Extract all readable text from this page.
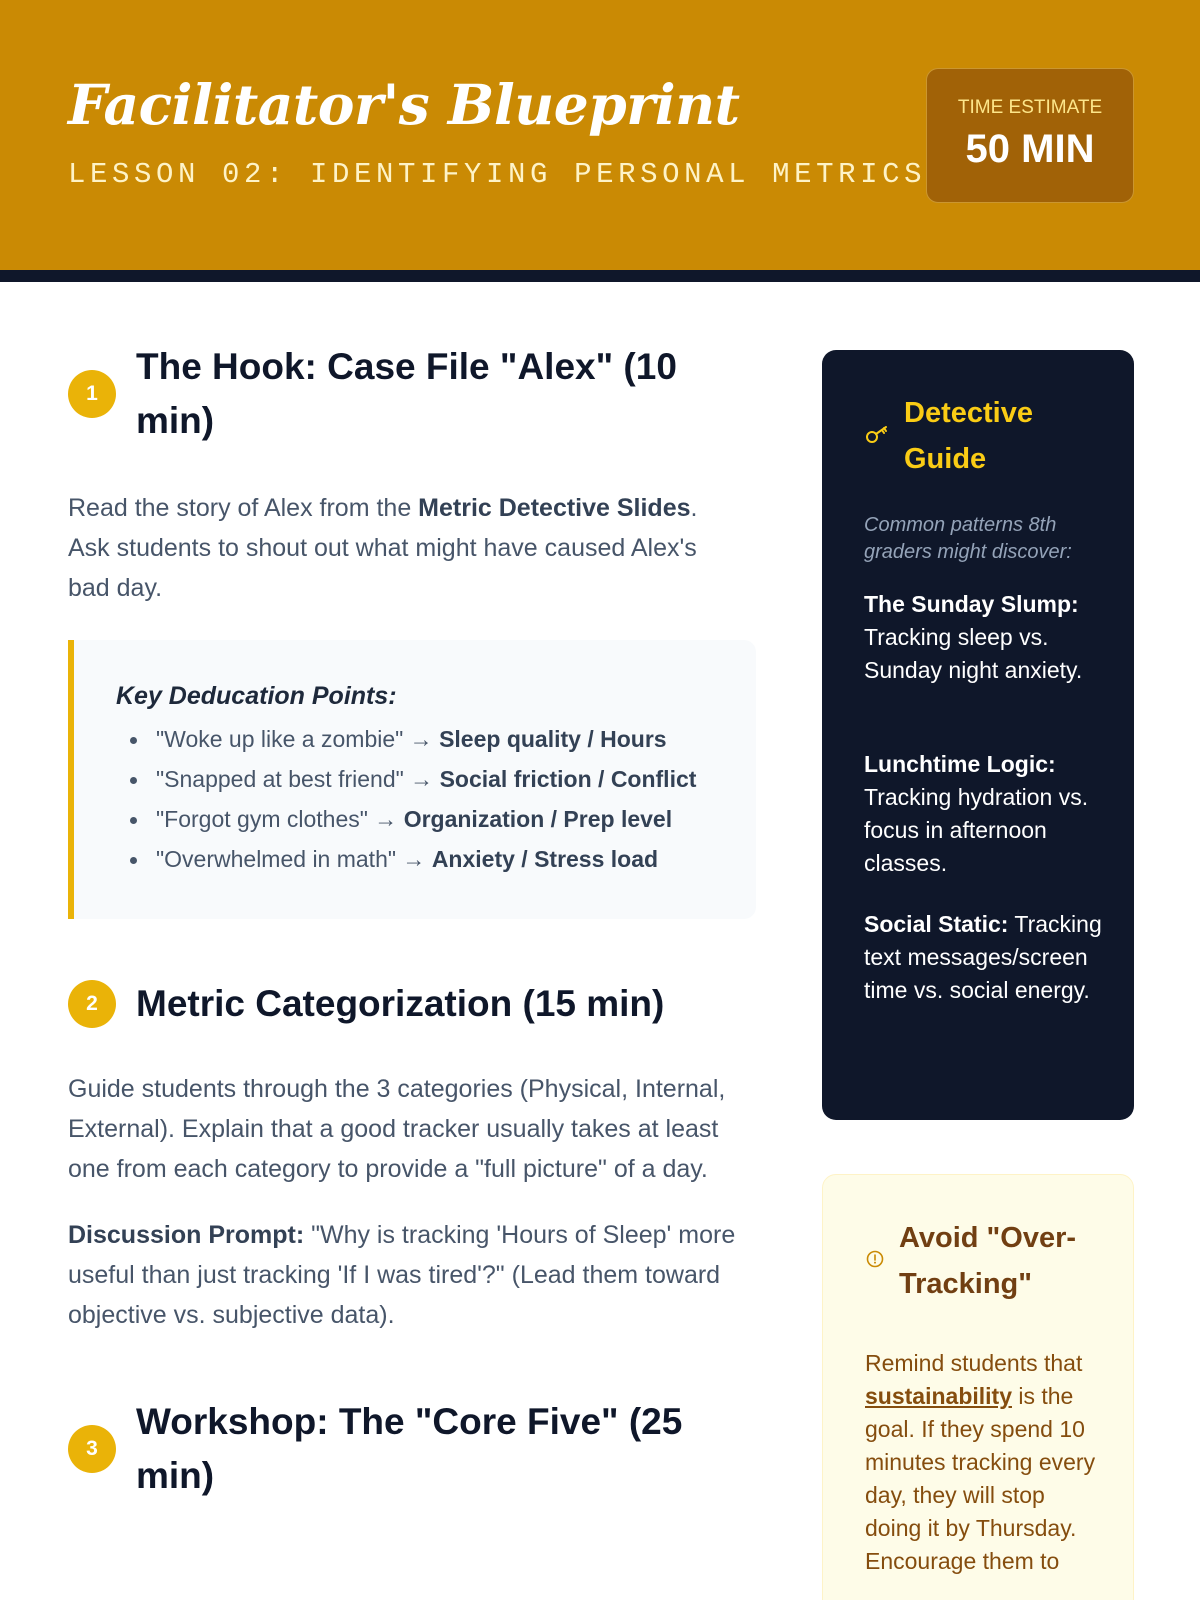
Facilitator's Blueprint
LESSON 02: IDENTIFYING PERSONAL METRICS
TIME ESTIMATE
50 MIN
1
The Hook: Case File "Alex" (10 min)

Read the story of Alex from the Metric Detective Slides. Ask students to shout out what might have caused Alex's bad day.

Key Deducation Points:
"Woke up like a zombie" → Sleep quality / Hours
"Snapped at best friend" → Social friction / Conflict
"Forgot gym clothes" → Organization / Prep level
"Overwhelmed in math" → Anxiety / Stress load
2	Metric Categorization (15 min)

Guide students through the 3 categories (Physical, Internal, External). Explain that a good tracker usually takes at least one from each category to provide a "full picture" of a day.

Discussion Prompt: "Why is tracking 'Hours of Sleep' more useful than just tracking 'If I was tired'?" (Lead them toward objective vs. subjective data).

3
Workshop: The "Core Five" (25 min)
Detective Guide
Common patterns 8th graders might discover:
The Sunday Slump: Tracking sleep vs. Sunday night anxiety.
Lunchtime Logic: Tracking hydration vs. focus in afternoon classes.
Social Static: Tracking text messages/screen time vs. social energy.
Avoid "Over-Tracking"
Remind students that sustainability is the goal. If they spend 10 minutes tracking every day, they will stop doing it by Thursday. Encourage them to
